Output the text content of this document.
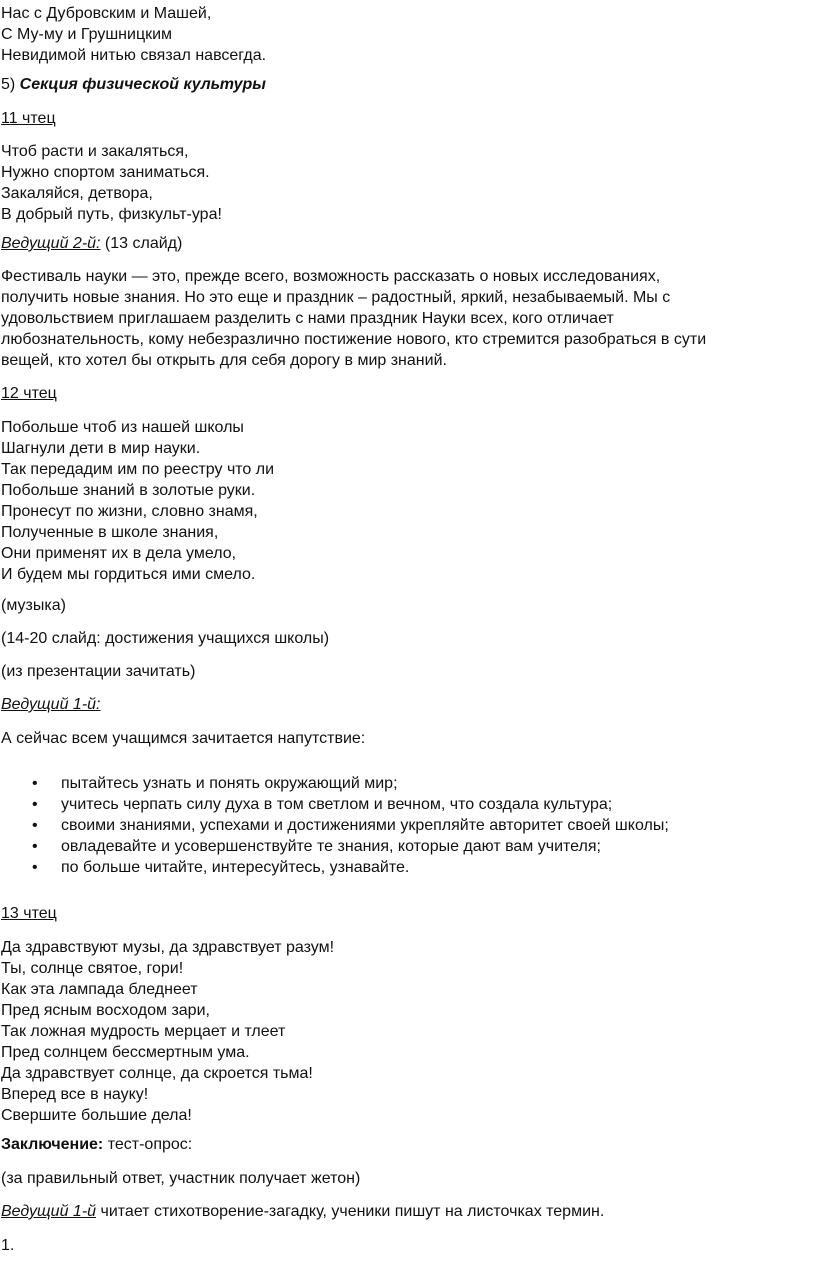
Нас с Дубровским и Машей,
С Му-му и Грушницким
Невидимой нитью связал навсегда.
5) Секция физической культуры
11 чтец
Чтоб расти и закаляться,
Нужно спортом заниматься.
Закаляйся, детвора,
В добрый путь, физкульт-ура!
Ведущий 2-й: (13 слайд)
Фестиваль науки — это, прежде всего, возможность рассказать о новых исследованиях,
получить новые знания. Но это еще и праздник – радостный, яркий, незабываемый. Мы с
удовольствием приглашаем разделить с нами праздник Науки всех, кого отличает
любознательность, кому небезразлично постижение нового, кто стремится разобраться в сути
вещей, кто хотел бы открыть для себя дорогу в мир знаний.
12 чтец
Побольше чтоб из нашей школы
Шагнули дети в мир науки.
Так передадим им по реестру что ли
Побольше знаний в золотые руки.
Пронесут по жизни, словно знамя,
Полученные в школе знания,
Они применят их в дела умело,
И будем мы гордиться ими смело.
(музыка)
(14-20 слайд: достижения учащихся школы)
(из презентации зачитать)
Ведущий 1-й:
А сейчас всем учащимся зачитается напутствие:
• пытайтесь узнать и понять окружающий мир;
• учитесь черпать силу духа в том светлом и вечном, что создала культура;
• своими знаниями, успехами и достижениями укрепляйте авторитет своей школы;
• овладевайте и усовершенствуйте те знания, которые дают вам учителя;
• по больше читайте, интересуйтесь, узнавайте.
13 чтец
Да здравствуют музы, да здравствует разум!
Ты, солнце святое, гори!
Как эта лампада бледнеет
Пред ясным восходом зари,
Так ложная мудрость мерцает и тлеет
Пред солнцем бессмертным ума.
Да здравствует солнце, да скроется тьма!
Вперед все в науку!
Свершите большие дела!
Заключение: тест-опрос:
(за правильный ответ, участник получает жетон)
Ведущий 1-й читает стихотворение-загадку, ученики пишут на листочках термин.
1.
